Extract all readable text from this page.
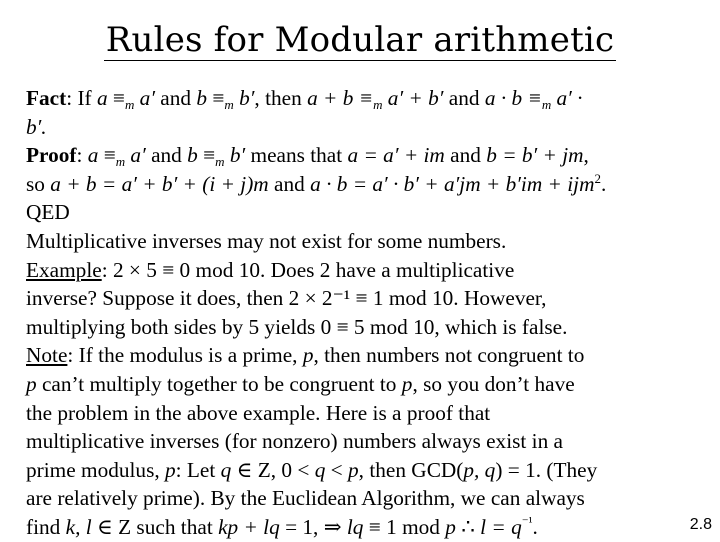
Rules for Modular arithmetic
Fact: If $a \equiv_m$ a′ and $b \equiv_m$ b′, then $a + b \equiv_m$ a′ + b′ and $a \cdot b \equiv_m$ a′ ·
b′.
Proof: $a \equiv_m$ a′ and $b \equiv_m$ b′ means that a = a′ + im and b = b′ + jm,
so a + b = a′ + b′ + (i + j)m and a · b = a′ · b′ + a′jm + b′im + ijm$^2$.
QED
Multiplicative inverses may not exist for some numbers.
Example: 2 × 5 ≡ 0 mod 10. Does 2 have a multiplicative
inverse? Suppose it does, then 2 × 2⁻¹ ≡ 1 mod 10. However,
multiplying both sides by 5 yields 0 ≡ 5 mod 10, which is false.
Note: If the modulus is a prime, p, then numbers not congruent to
p can’t multiply together to be congruent to p, so you don’t have
the problem in the above example. Here is a proof that
multiplicative inverses (for nonzero) numbers always exist in a
prime modulus, p: Let q ∈ Z, 0 < q < p, then GCD(p, q) = 1. (They
are relatively prime). By the Euclidean Algorithm, we can always
find k, l ∈ Z such that kp + lq = 1, ⇒ lq ≡ 1 mod p ∴ $l = q^{^{-1}}$.	2.8
